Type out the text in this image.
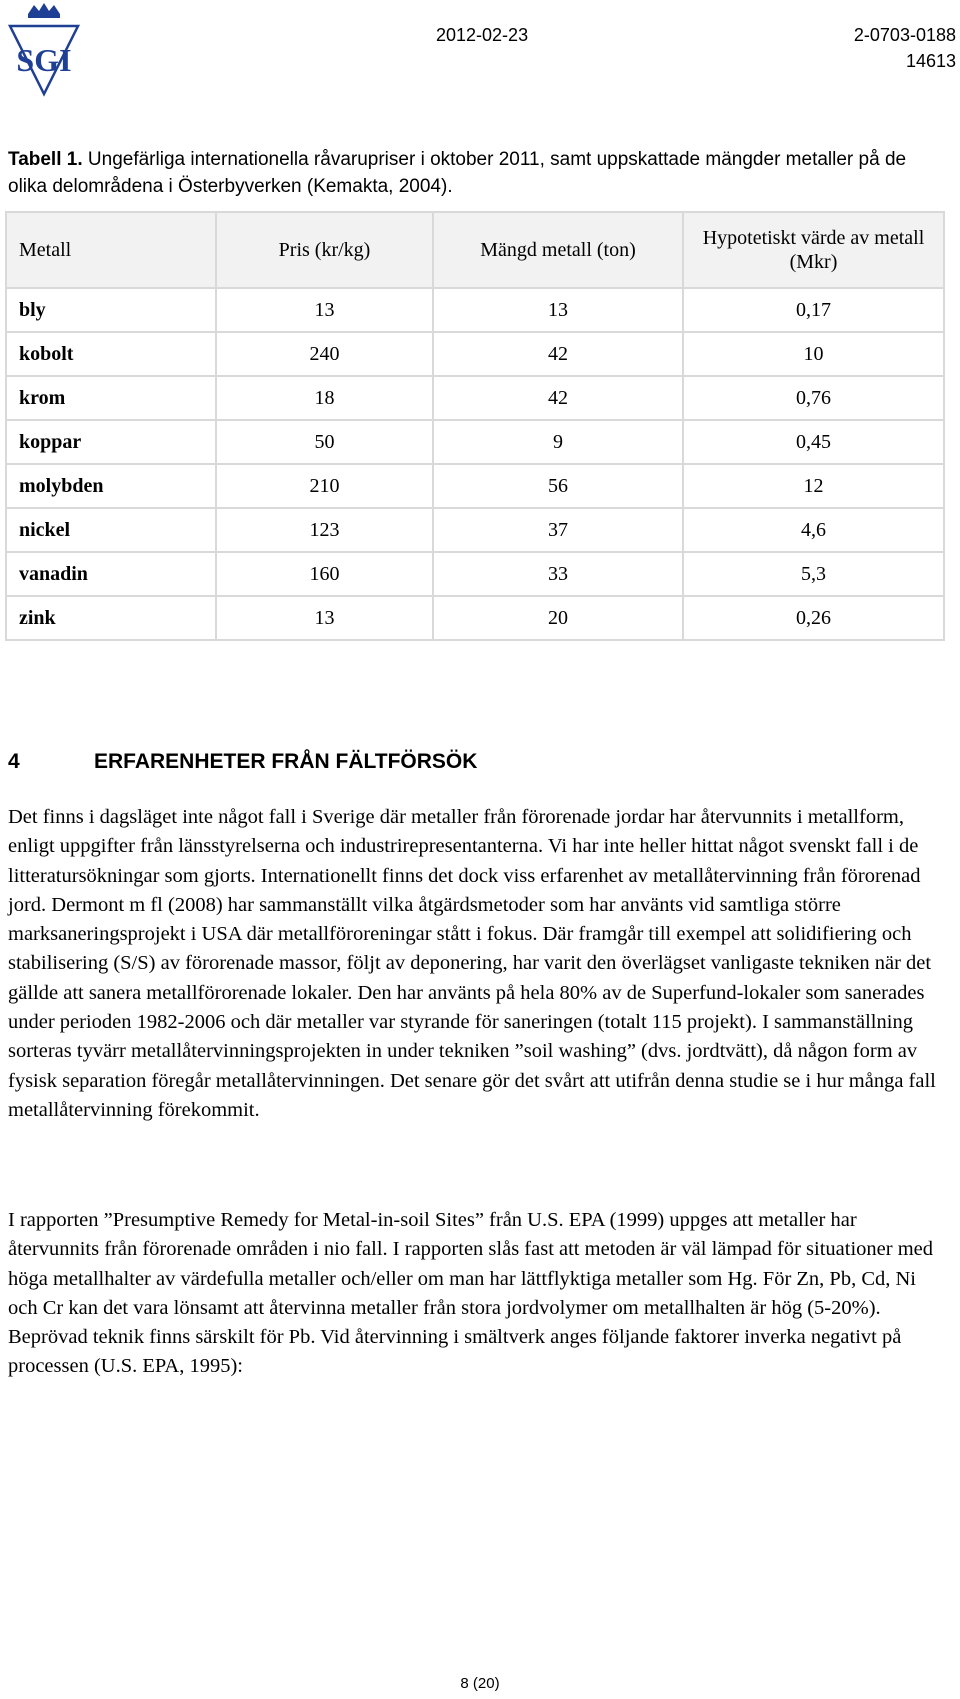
SGI
2012-02-23	2-0703-0188
14613
Tabell 1. Ungefärliga internationella råvarupriser i oktober 2011, samt uppskattade mängder metaller på de olika delområdena i Österbyverken (Kemakta, 2004).
Metall	Pris (kr/kg)	Mängd metall (ton)	Hypotetiskt värde av metall (Mkr)
bly	13	13	0,17
kobolt	240	42	10
krom	18	42	0,76
koppar	50	9	0,45
molybden	210	56	12
nickel	123	37	4,6
vanadin	160	33	5,3
zink	13	20	0,26
4	ERFARENHETER FRÅN FÄLTFÖRSÖK

Det finns i dagsläget inte något fall i Sverige där metaller från förorenade jordar har återvunnits i metallform, enligt uppgifter från länsstyrelserna och industrirepresentanterna. Vi har inte heller hittat något svenskt fall i de litteratursökningar som gjorts. Internationellt finns det dock viss erfarenhet av metallåtervinning från förorenad jord. Dermont m fl (2008) har sammanställt vilka åtgärdsmetoder som har använts vid samtliga större marksaneringsprojekt i USA där metallföroreningar stått i fokus. Där framgår till exempel att solidifiering och stabilisering (S/S) av förorenade massor, följt av deponering, har varit den överlägset vanligaste tekniken när det gällde att sanera metallförorenade lokaler. Den har använts på hela 80% av de Superfund-lokaler som sanerades under perioden 1982-2006 och där metaller var styrande för saneringen (totalt 115 projekt). I sammanställning sorteras tyvärr metallåtervinningsprojekten in under tekniken ”soil washing” (dvs. jordtvätt), då någon form av fysisk separation föregår metallåtervinningen. Det senare gör det svårt att utifrån denna studie se i hur många fall metallåtervinning förekommit.

I rapporten ”Presumptive Remedy for Metal-in-soil Sites” från U.S. EPA (1999) uppges att metaller har återvunnits från förorenade områden i nio fall. I rapporten slås fast att metoden är väl lämpad för situationer med höga metallhalter av värdefulla metaller och/eller om man har lättflyktiga metaller som Hg. För Zn, Pb, Cd, Ni och Cr kan det vara lönsamt att återvinna metaller från stora jordvolymer om metallhalten är hög (5-20%). Beprövad teknik finns särskilt för Pb. Vid återvinning i smältverk anges följande faktorer inverka negativt på processen (U.S. EPA, 1995):

8 (20)
